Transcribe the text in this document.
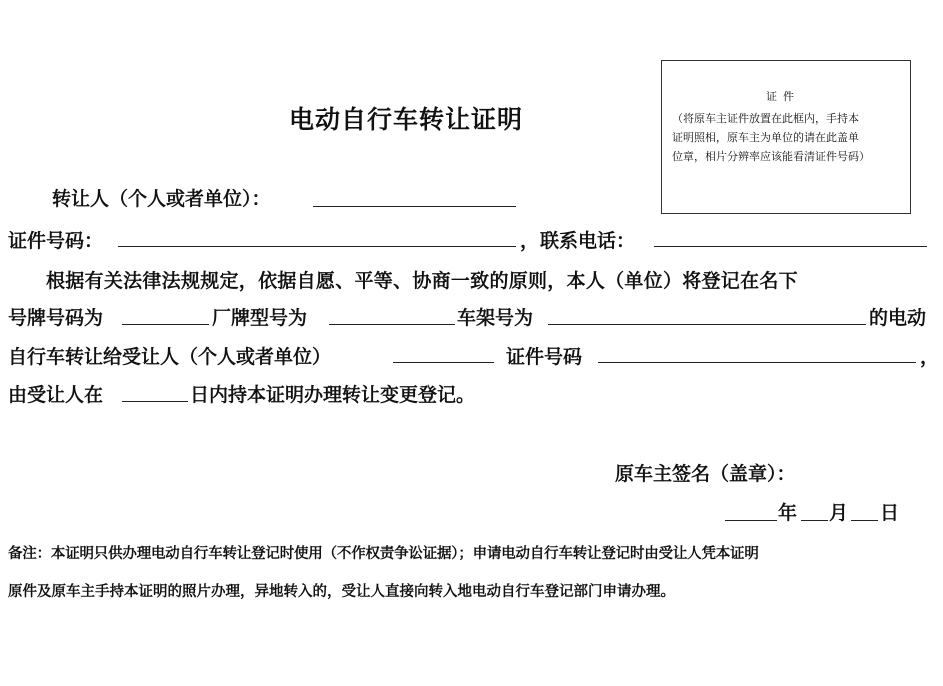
电动自行车转让证明
证件
（将原车主证件放置在此框内，手持本
证明照相，原车主为单位的请在此盖单
位章，相片分辨率应该能看清证件号码）
转让人（个人或者单位）：
证件号码：	， 联系电话：
根据有关法律法规规定，依据自愿、平等、协商一致的原则，本人（单位）将登记在名下
号牌号码为	厂牌型号为	车架号为	的电动
自行车转让给受让人（个人或者单位）	证件号码	，
由受让人在	日内持本证明办理转让变更登记。
原车主签名（盖章）：
年 月 日
备注：本证明只供办理电动自行车转让登记时使用（不作权责争讼证据）；申请电动自行车转让登记时由受让人凭本证明
原件及原车主手持本证明的照片办理，异地转入的，受让人直接向转入地电动自行车登记部门申请办理。
